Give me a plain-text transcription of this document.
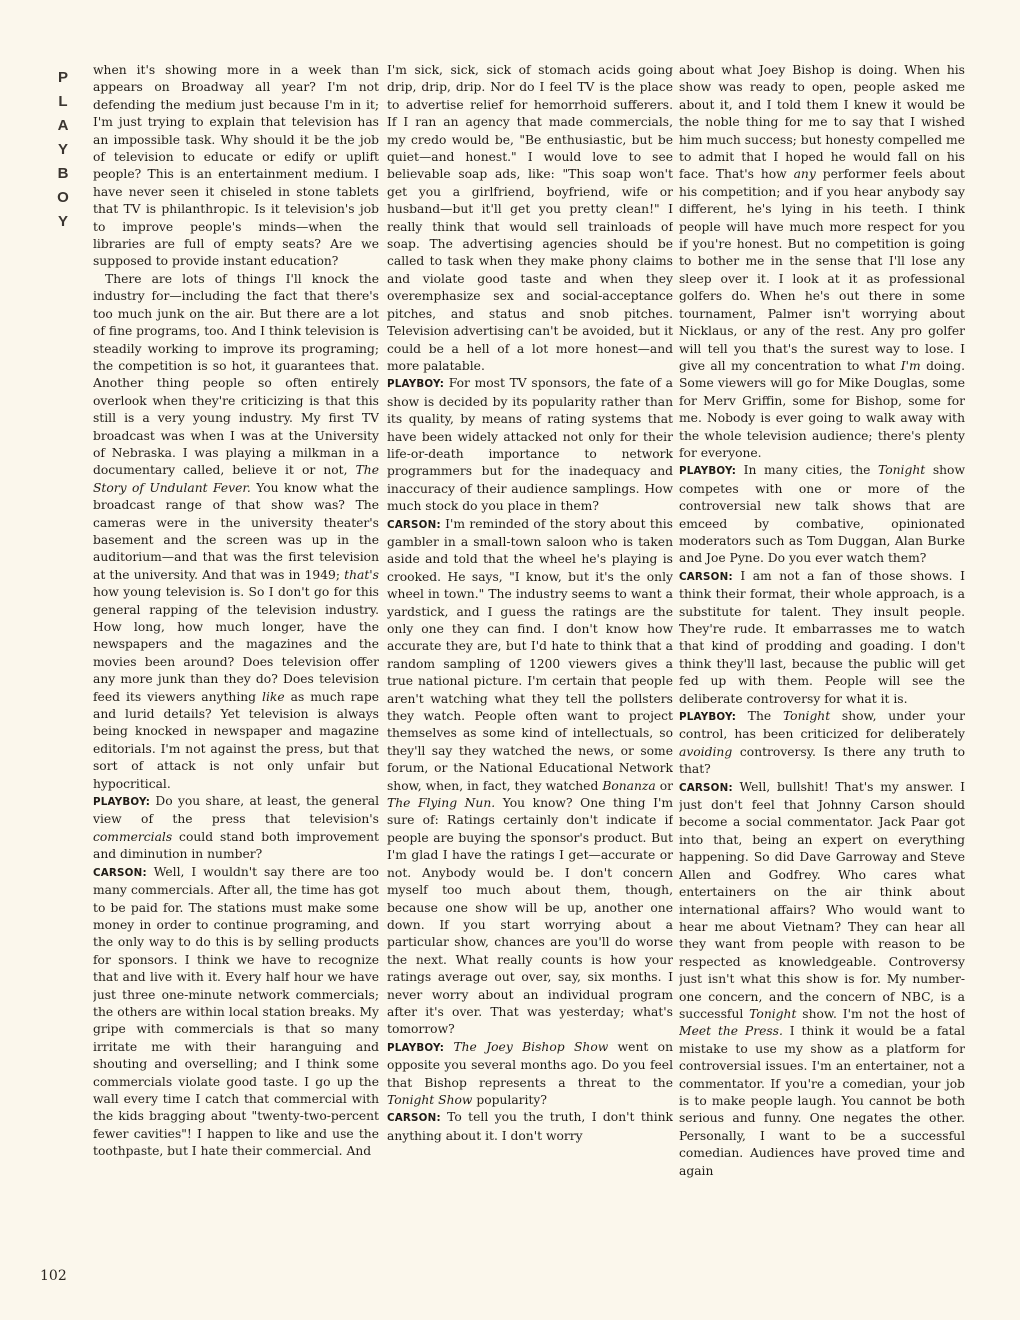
P
L
A
Y
B
O
Y

when it's showing more in a week than appears on Broadway all year? I'm not defending the medium just because I'm in it; I'm just trying to explain that television has an impossible task. Why should it be the job of television to educate or edify or uplift people? This is an entertainment medium. I have never seen it chiseled in stone tablets that TV is philanthropic. Is it television's job to improve people's minds—when the libraries are full of empty seats? Are we supposed to provide instant education?

There are lots of things I'll knock the industry for—including the fact that there's too much junk on the air. But there are a lot of fine programs, too. And I think television is steadily working to improve its programing; the competition is so hot, it guarantees that. Another thing people so often entirely overlook when they're criticizing is that this still is a very young industry. My first TV broadcast was when I was at the University of Nebraska. I was playing a milkman in a documentary called, believe it or not, The Story of Undulant Fever. You know what the broadcast range of that show was? The cameras were in the university theater's basement and the screen was up in the auditorium—and that was the first television at the university. And that was in 1949; that's how young television is. So I don't go for this general rapping of the television industry. How long, how much longer, have the newspapers and the magazines and the movies been around? Does television offer any more junk than they do? Does television feed its viewers anything like as much rape and lurid details? Yet television is always being knocked in newspaper and magazine editorials. I'm not against the press, but that sort of attack is not only unfair but hypocritical.

PLAYBOY: Do you share, at least, the general view of the press that television's commercials could stand both improvement and diminution in number?

CARSON: Well, I wouldn't say there are too many commercials. After all, the time has got to be paid for. The stations must make some money in order to continue programing, and the only way to do this is by selling products for sponsors. I think we have to recognize that and live with it. Every half hour we have just three one-minute network commercials; the others are within local station breaks. My gripe with commercials is that so many irritate me with their haranguing and shouting and overselling; and I think some commercials violate good taste. I go up the wall every time I catch that commercial with the kids bragging about "twenty-two-percent fewer cavities"! I happen to like and use the toothpaste, but I hate their commercial. And

I'm sick, sick, sick of stomach acids going drip, drip, drip. Nor do I feel TV is the place to advertise relief for hemorrhoid sufferers. If I ran an agency that made commercials, my credo would be, "Be enthusiastic, but be quiet—and honest." I would love to see believable soap ads, like: "This soap won't get you a girlfriend, boyfriend, wife or husband—but it'll get you pretty clean!" I really think that would sell trainloads of soap. The advertising agencies should be called to task when they make phony claims and violate good taste and when they overemphasize sex and social-acceptance pitches, and status and snob pitches. Television advertising can't be avoided, but it could be a hell of a lot more honest—and more palatable.

PLAYBOY: For most TV sponsors, the fate of a show is decided by its popularity rather than its quality, by means of rating systems that have been widely attacked not only for their life-or-death importance to network programmers but for the inadequacy and inaccuracy of their audience samplings. How much stock do you place in them?

CARSON: I'm reminded of the story about this gambler in a small-town saloon who is taken aside and told that the wheel he's playing is crooked. He says, "I know, but it's the only wheel in town." The industry seems to want a yardstick, and I guess the ratings are the only one they can find. I don't know how accurate they are, but I'd hate to think that a random sampling of 1200 viewers gives a true national picture. I'm certain that people aren't watching what they tell the pollsters they watch. People often want to project themselves as some kind of intellectuals, so they'll say they watched the news, or some forum, or the National Educational Network show, when, in fact, they watched Bonanza or The Flying Nun. You know? One thing I'm sure of: Ratings certainly don't indicate if people are buying the sponsor's product. But I'm glad I have the ratings I get—accurate or not. Anybody would be. I don't concern myself too much about them, though, because one show will be up, another one down. If you start worrying about a particular show, chances are you'll do worse the next. What really counts is how your ratings average out over, say, six months. I never worry about an individual program after it's over. That was yesterday; what's tomorrow?

PLAYBOY: The Joey Bishop Show went on opposite you several months ago. Do you feel that Bishop represents a threat to the Tonight Show popularity?

CARSON: To tell you the truth, I don't think anything about it. I don't worry

about what Joey Bishop is doing. When his show was ready to open, people asked me about it, and I told them I knew it would be the noble thing for me to say that I wished him much success; but honesty compelled me to admit that I hoped he would fall on his face. That's how any performer feels about his competition; and if you hear anybody say different, he's lying in his teeth. I think people will have much more respect for you if you're honest. But no competition is going to bother me in the sense that I'll lose any sleep over it. I look at it as professional golfers do. When he's out there in some tournament, Palmer isn't worrying about Nicklaus, or any of the rest. Any pro golfer will tell you that's the surest way to lose. I give all my concentration to what I'm doing. Some viewers will go for Mike Douglas, some for Merv Griffin, some for Bishop, some for me. Nobody is ever going to walk away with the whole television audience; there's plenty for everyone.

PLAYBOY: In many cities, the Tonight show competes with one or more of the controversial new talk shows that are emceed by combative, opinionated moderators such as Tom Duggan, Alan Burke and Joe Pyne. Do you ever watch them?

CARSON: I am not a fan of those shows. I think their format, their whole approach, is a substitute for talent. They insult people. They're rude. It embarrasses me to watch that kind of prodding and goading. I don't think they'll last, because the public will get fed up with them. People will see the deliberate controversy for what it is.

PLAYBOY: The Tonight show, under your control, has been criticized for deliberately avoiding controversy. Is there any truth to that?

CARSON: Well, bullshit! That's my answer. I just don't feel that Johnny Carson should become a social commentator. Jack Paar got into that, being an expert on everything happening. So did Dave Garroway and Steve Allen and Godfrey. Who cares what entertainers on the air think about international affairs? Who would want to hear me about Vietnam? They can hear all they want from people with reason to be respected as knowledgeable. Controversy just isn't what this show is for. My number-one concern, and the concern of NBC, is a successful Tonight show. I'm not the host of Meet the Press. I think it would be a fatal mistake to use my show as a platform for controversial issues. I'm an entertainer, not a commentator. If you're a comedian, your job is to make people laugh. You cannot be both serious and funny. One negates the other. Personally, I want to be a successful comedian. Audiences have proved time and again

102
